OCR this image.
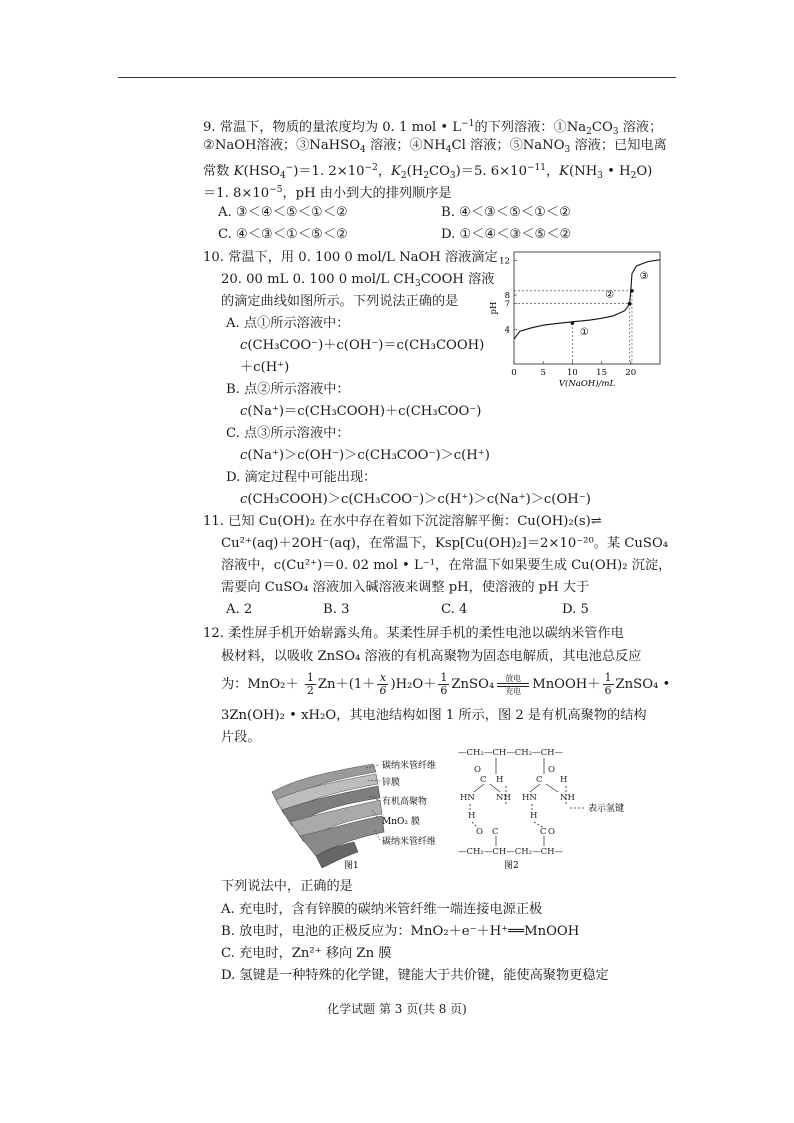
9. 常温下，物质的量浓度均为 0. 1 mol • $L^{-1}$的下列溶液：$①Na_2CO_3$ 溶液；
②NaOH溶液；③NaHSO$_4$ 溶液；$④NH_4Cl$ 溶液；⑤NaNO$_3$ 溶液；已知电离
常数 $K(HSO_4^-)=1$. $2\times 10^{-2}$，$K_2(H_2CO_3)=5$. $6\times 10^{-11}$，$K(NH_3$ • $H_2O$)
＝1. $8\times 10^{-5}$，pH 由小到大的排列顺序是
A. ③＜④＜⑤＜①＜②	B. ④＜③＜⑤＜①＜②
C. ④＜③＜①＜⑤＜②	D. ①＜④＜③＜⑤＜②
10. 常温下，用 0. 100 0 mol/L NaOH 溶液滴定
20. 00 mL 0. 100 0 mol/L $CH_3COOH$ 溶液
的滴定曲线如图所示。下列说法正确的是
A. 点①所示溶液中：
c(CH₃COO⁻)＋c(OH⁻)＝c(CH₃COOH)
＋c(H⁺)
B. 点②所示溶液中：
c(Na⁺)＝c(CH₃COOH)＋c(CH₃COO⁻)
C. 点③所示溶液中：
c(Na⁺)＞c(OH⁻)＞c(CH₃COO⁻)＞c(H⁺)
D. 滴定过程中可能出现：
c(CH₃COOH)＞c(CH₃COO⁻)＞c(H⁺)＞c(Na⁺)＞c(OH⁻)
0	5 10 15 20
4
7
8
12
V(NaOH)/mL
pH
①
②
③
11. 已知 Cu(OH)₂ 在水中存在着如下沉淀溶解平衡：Cu(OH)₂(s)⇌
Cu²⁺(aq)＋2OH⁻(aq)，在常温下，Ksp[Cu(OH)₂]＝2×10⁻²⁰。某 CuSO₄
溶液中，c(Cu²⁺)＝0. 02 mol • L⁻¹，在常温下如果要生成 Cu(OH)₂ 沉淀，
需要向 CuSO₄ 溶液加入碱溶液来调整 pH，使溶液的 pH 大于
A. 2	B. 3	C. 4	D. 5
12. 柔性屏手机开始崭露头角。某柔性屏手机的柔性电池以碳纳米管作电
极材料，以吸收 ZnSO₄ 溶液的有机高聚物为固态电解质，其电池总反应
为：$MnO_2+ \frac{1}{2} Zn+(1+ \frac{x}{6} )H_2O+ \frac{1}{6}$ ZnSO₄ 放电
充电 MnOOH＋ $\frac{1}{6}$ ZnSO₄ •
3Zn(OH)₂ • xH₂O，其电池结构如图 1 所示，图 2 是有机高聚物的结构
片段。
碳纳米管纤维
锌膜
有机高聚物
MnO₂ 膜
碳纳米管纤维
图1
—CH₂—CH—CH₂—CH—
—CH₂—CH—CH₂—CH—
HN
H
C
O
NH
H
HN
H
C
O
NH
H
O C	C O
表示氢键
图2
下列说法中，正确的是
A. 充电时，含有锌膜的碳纳米管纤维一端连接电源正极
B. 放电时，电池的正极反应为：MnO₂＋e⁻＋H⁺══MnOOH
C. 充电时，Zn²⁺ 移向 Zn 膜
D. 氢键是一种特殊的化学键，键能大于共价键，能使高聚物更稳定
化学试题 第 3 页(共 8 页)
